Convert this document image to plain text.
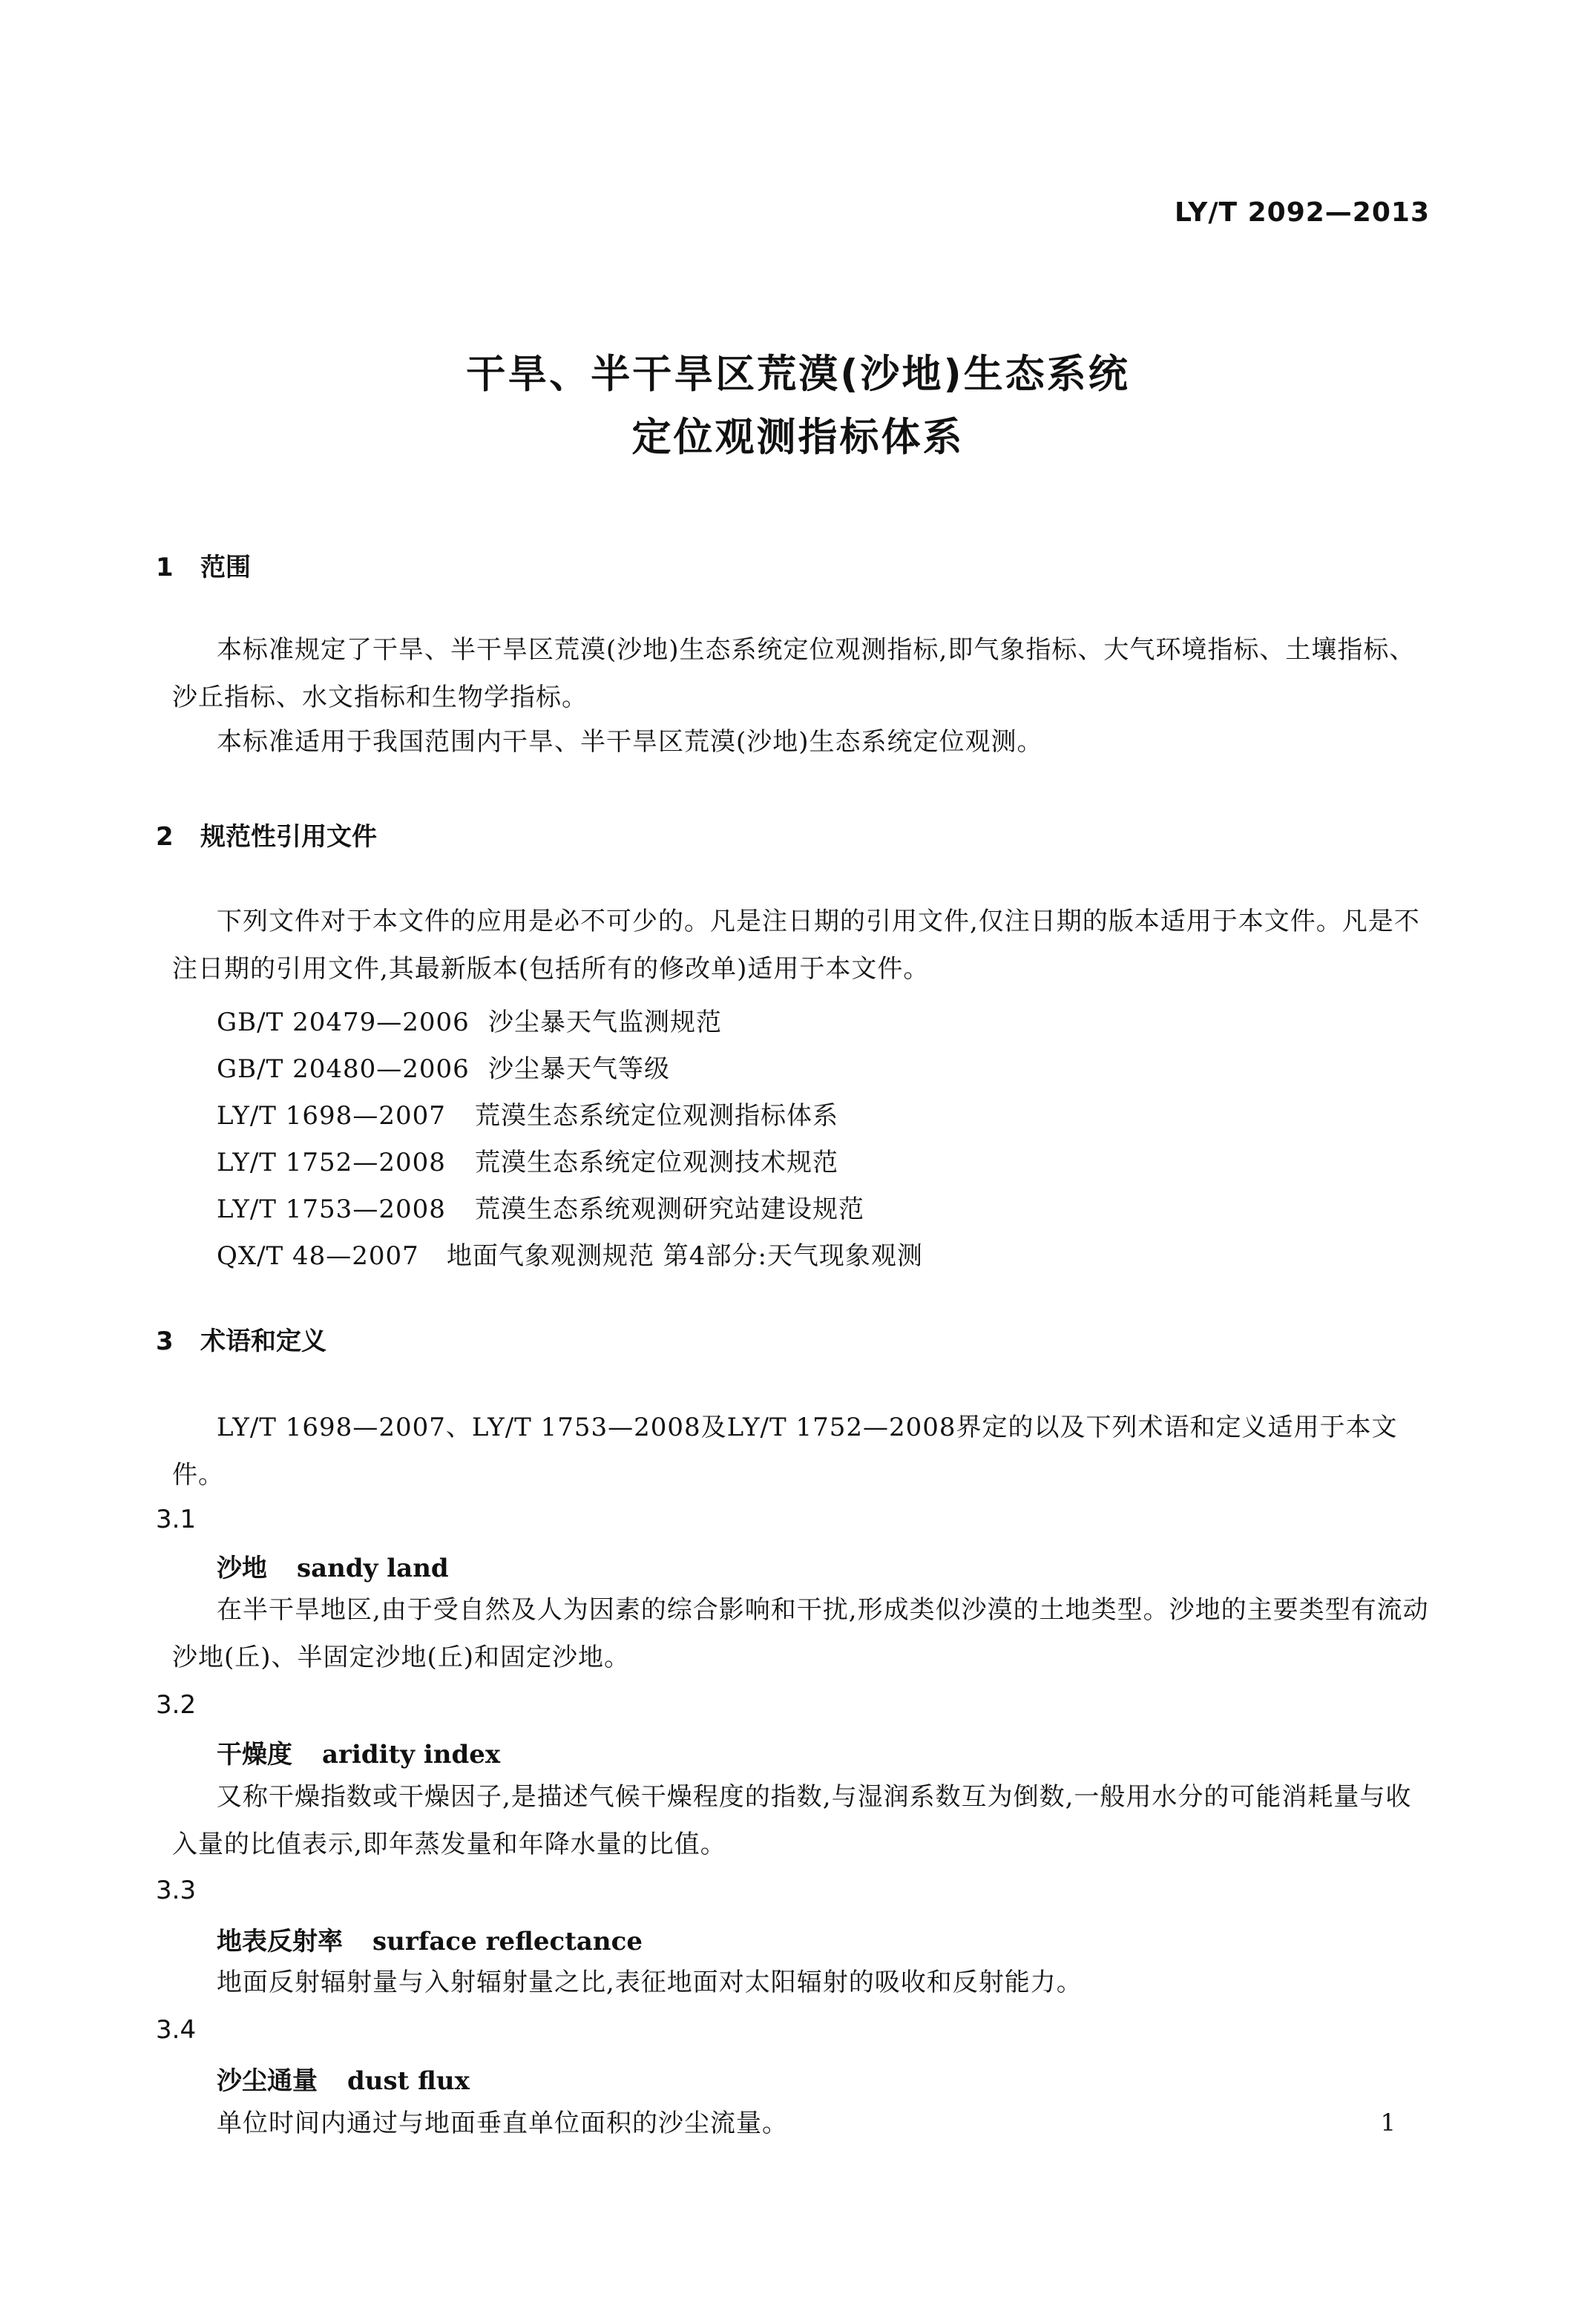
LY/T 2092—2013
干旱、半干旱区荒漠(沙地)生态系统
定位观测指标体系
1 范围
本标准规定了干旱、半干旱区荒漠(沙地)生态系统定位观测指标,即气象指标、大气环境指标、土壤指标、沙丘指标、水文指标和生物学指标。
本标准适用于我国范围内干旱、半干旱区荒漠(沙地)生态系统定位观测。
2 规范性引用文件
下列文件对于本文件的应用是必不可少的。凡是注日期的引用文件,仅注日期的版本适用于本文件。凡是不注日期的引用文件,其最新版本(包括所有的修改单)适用于本文件。
GB/T 20479—2006 沙尘暴天气监测规范
GB/T 20480—2006 沙尘暴天气等级
LY/T 1698—2007 荒漠生态系统定位观测指标体系
LY/T 1752—2008 荒漠生态系统定位观测技术规范
LY/T 1753—2008 荒漠生态系统观测研究站建设规范
QX/T 48—2007 地面气象观测规范 第4部分:天气现象观测
3 术语和定义
LY/T 1698—2007、LY/T 1753—2008及LY/T 1752—2008界定的以及下列术语和定义适用于本文件。
3.1
沙地 sandy land
在半干旱地区,由于受自然及人为因素的综合影响和干扰,形成类似沙漠的土地类型。沙地的主要类型有流动沙地(丘)、半固定沙地(丘)和固定沙地。
3.2
干燥度 aridity index
又称干燥指数或干燥因子,是描述气候干燥程度的指数,与湿润系数互为倒数,一般用水分的可能消耗量与收入量的比值表示,即年蒸发量和年降水量的比值。
3.3
地表反射率 surface reflectance
地面反射辐射量与入射辐射量之比,表征地面对太阳辐射的吸收和反射能力。
3.4
沙尘通量 dust flux
单位时间内通过与地面垂直单位面积的沙尘流量。	1
